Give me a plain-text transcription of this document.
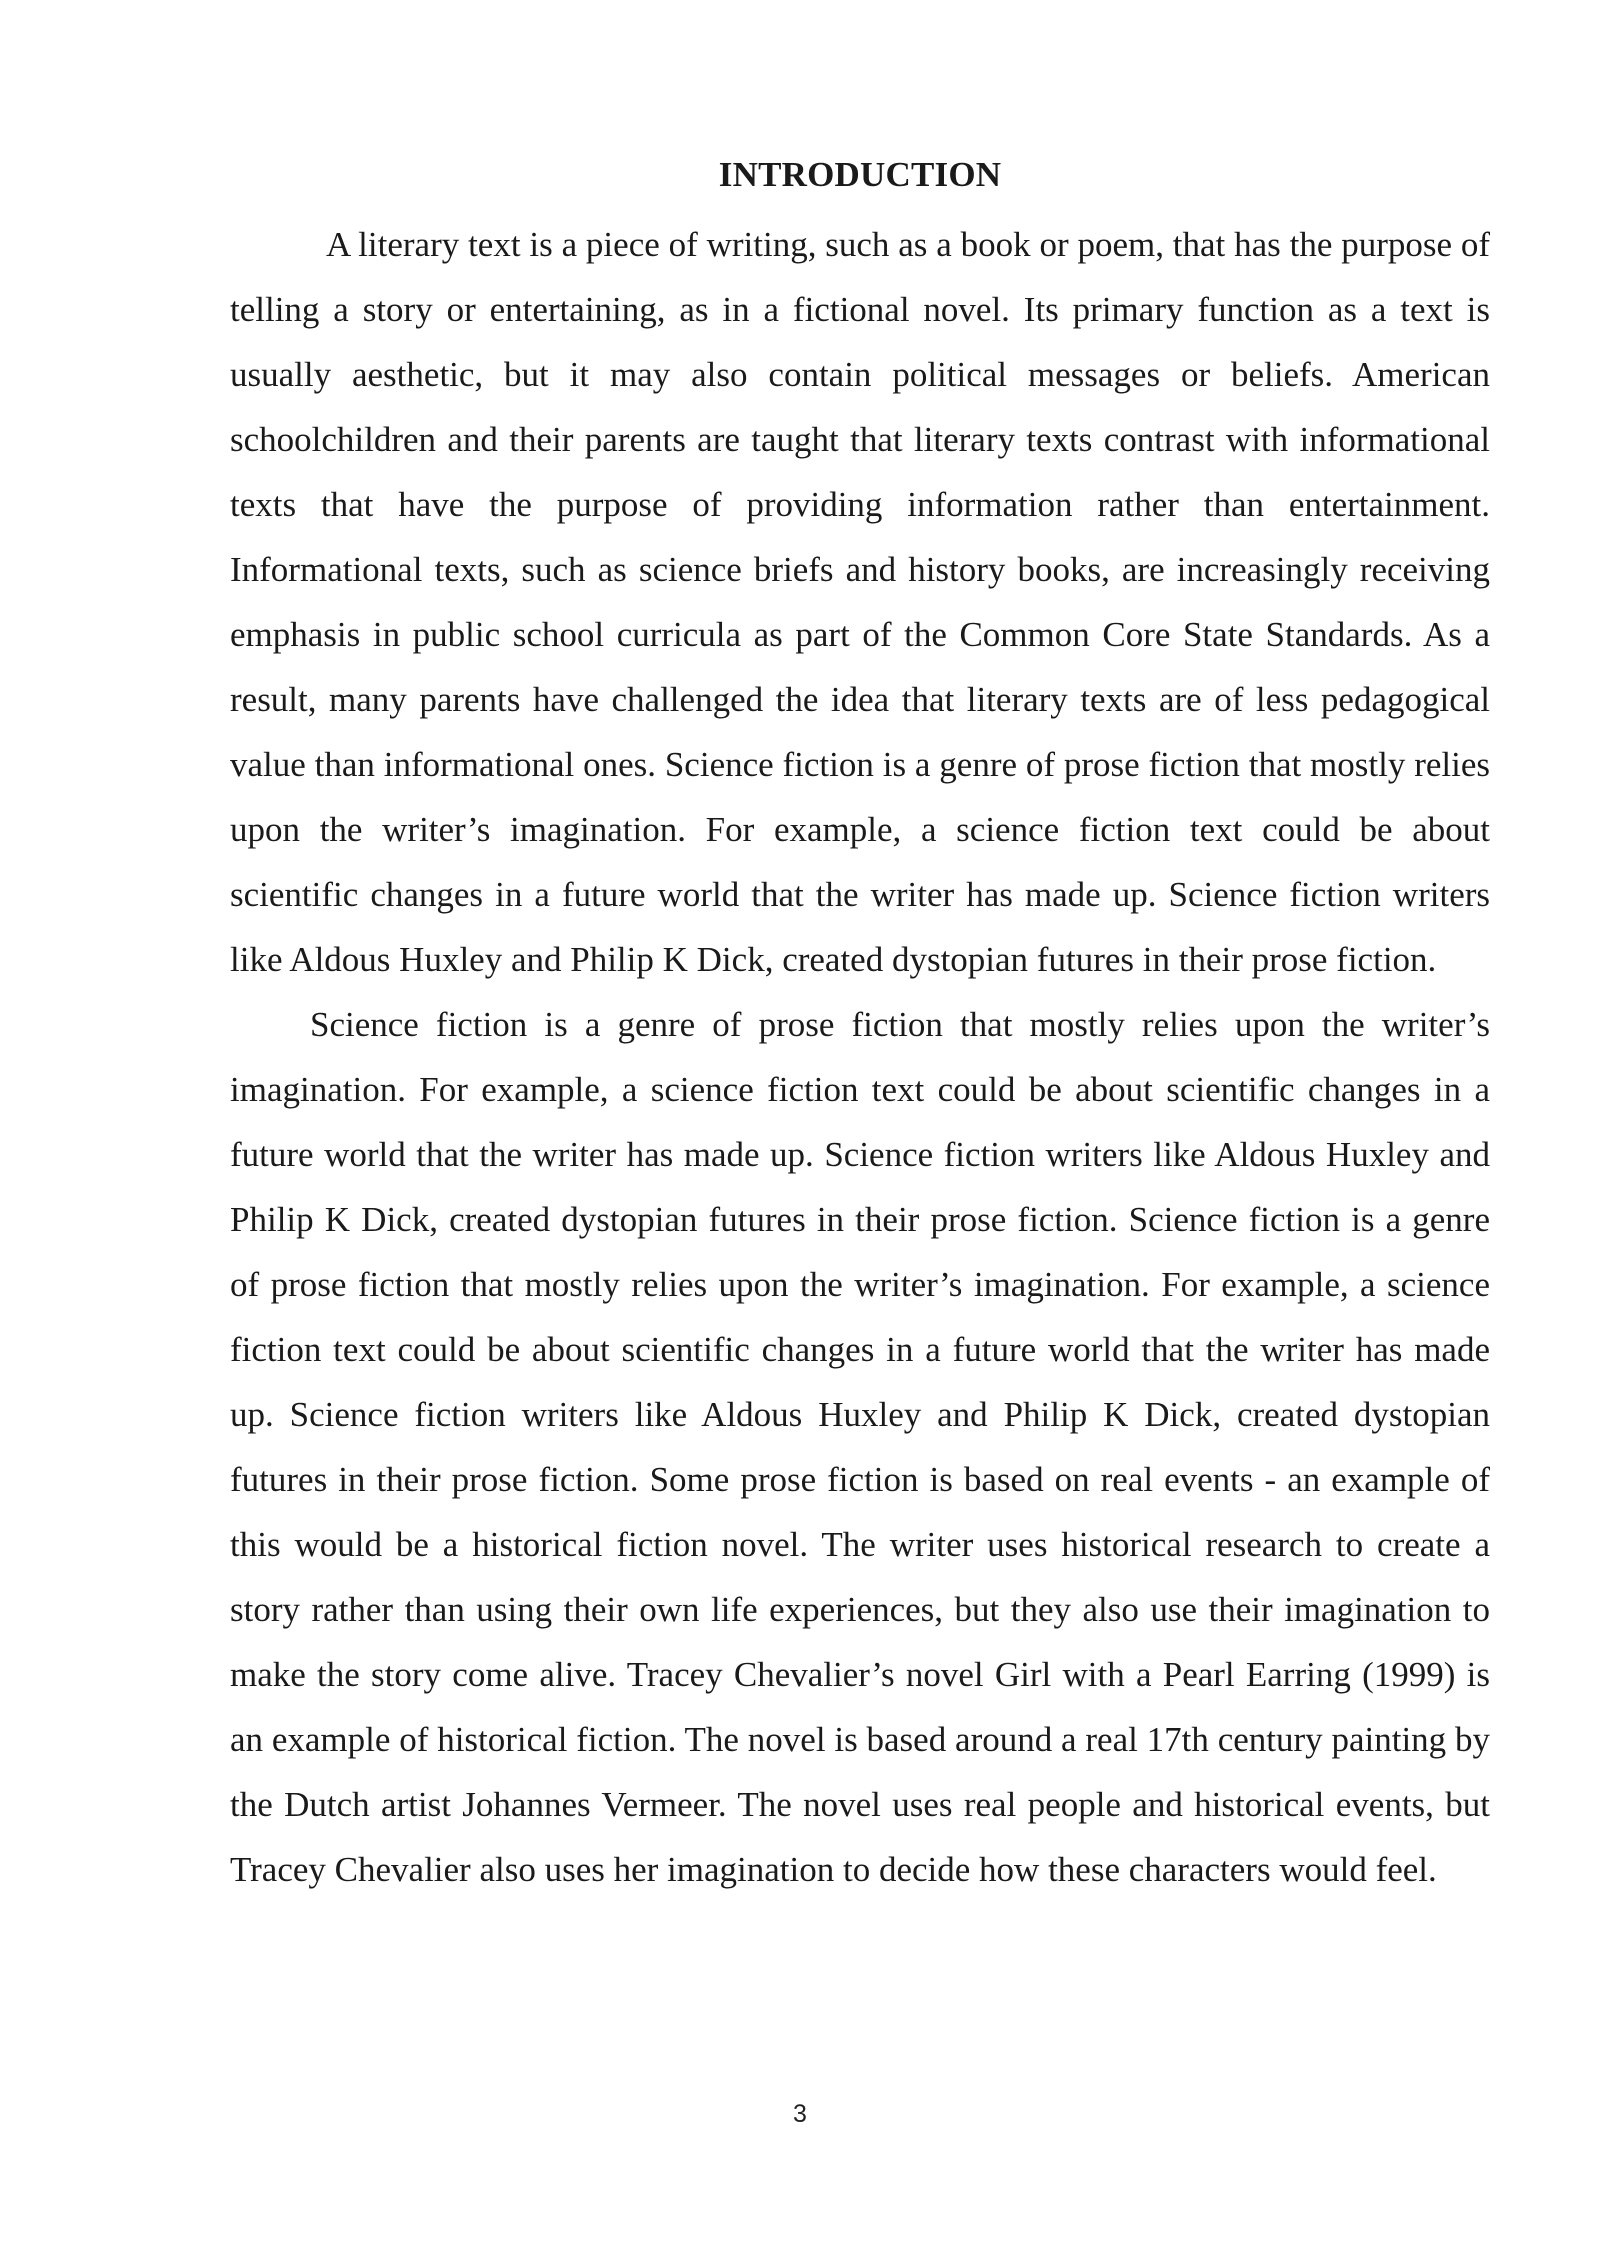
INTRODUCTION

A literary text is a piece of writing, such as a book or poem, that has the purpose of telling a story or entertaining, as in a fictional novel. Its primary function as a text is usually aesthetic, but it may also contain political messages or beliefs. American schoolchildren and their parents are taught that literary texts contrast with informational texts that have the purpose of providing information rather than entertainment. Informational texts, such as science briefs and history books, are increasingly receiving emphasis in public school curricula as part of the Common Core State Standards. As a result, many parents have challenged the idea that literary texts are of less pedagogical value than informational ones. Science fiction is a genre of prose fiction that mostly relies upon the writer’s imagination. For example, a science fiction text could be about scientific changes in a future world that the writer has made up. Science fiction writers like Aldous Huxley and Philip K Dick, created dystopian futures in their prose fiction.

Science fiction is a genre of prose fiction that mostly relies upon the writer’s imagination. For example, a science fiction text could be about scientific changes in a future world that the writer has made up. Science fiction writers like Aldous Huxley and Philip K Dick, created dystopian futures in their prose fiction. Science fiction is a genre of prose fiction that mostly relies upon the writer’s imagination. For example, a science fiction text could be about scientific changes in a future world that the writer has made up. Science fiction writers like Aldous Huxley and Philip K Dick, created dystopian futures in their prose fiction. Some prose fiction is based on real events - an example of this would be a historical fiction novel. The writer uses historical research to create a story rather than using their own life experiences, but they also use their imagination to make the story come alive. Tracey Chevalier’s novel Girl with a Pearl Earring (1999) is an example of historical fiction. The novel is based around a real 17th century painting by the Dutch artist Johannes Vermeer. The novel uses real people and historical events, but Tracey Chevalier also uses her imagination to decide how these characters would feel.

3
